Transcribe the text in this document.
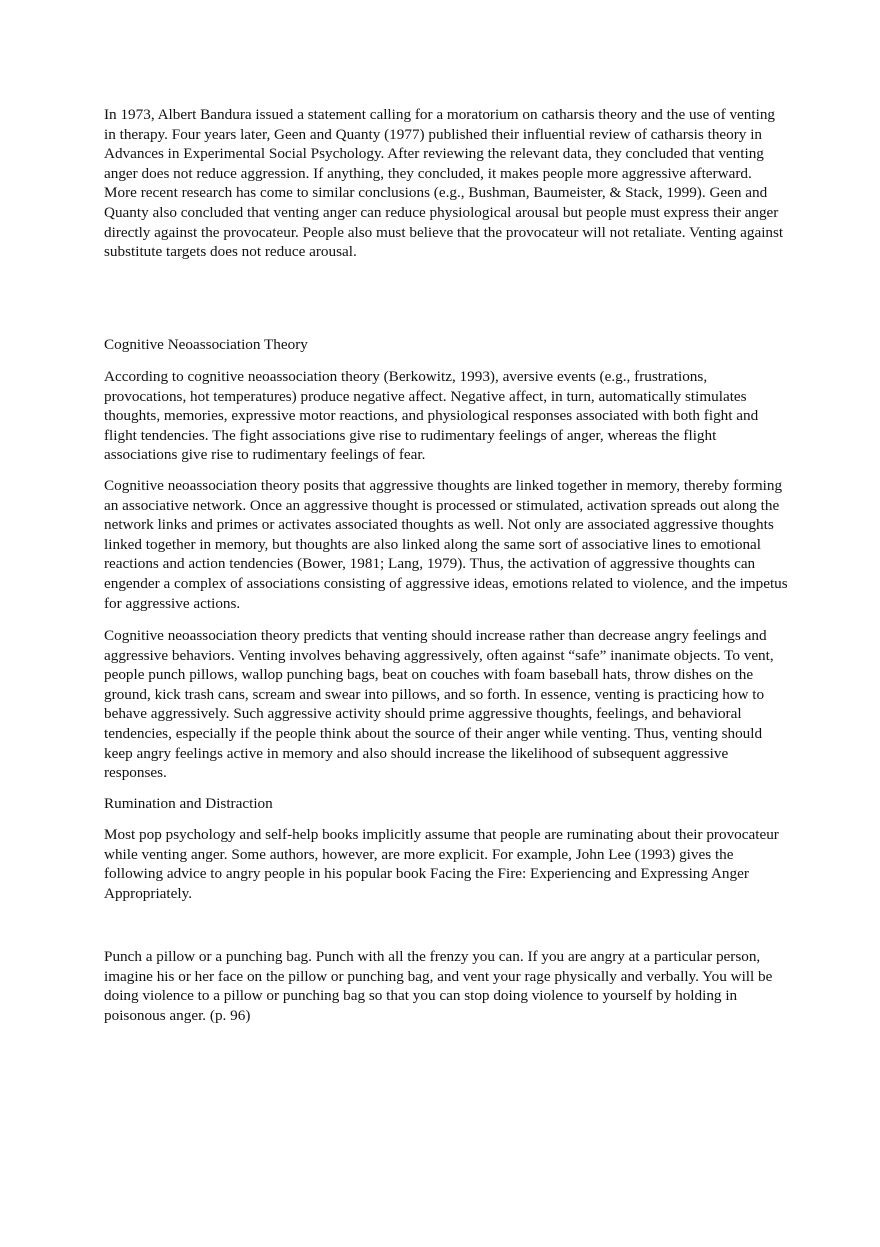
In 1973, Albert Bandura issued a statement calling for a moratorium on catharsis theory and the use of venting in therapy. Four years later, Geen and Quanty (1977) published their influential review of catharsis theory in Advances in Experimental Social Psychology. After reviewing the relevant data, they concluded that venting anger does not reduce aggression. If anything, they concluded, it makes people more aggressive afterward. More recent research has come to similar conclusions (e.g., Bushman, Baumeister, & Stack, 1999). Geen and Quanty also concluded that venting anger can reduce physiological arousal but people must express their anger directly against the provocateur. People also must believe that the provocateur will not retaliate. Venting against substitute targets does not reduce arousal.

Cognitive Neoassociation Theory

According to cognitive neoassociation theory (Berkowitz, 1993), aversive events (e.g., frustrations, provocations, hot temperatures) produce negative affect. Negative affect, in turn, automatically stimulates thoughts, memories, expressive motor reactions, and physiological responses associated with both fight and flight tendencies. The fight associations give rise to rudimentary feelings of anger, whereas the flight associations give rise to rudimentary feelings of fear.

Cognitive neoassociation theory posits that aggressive thoughts are linked together in memory, thereby forming an associative network. Once an aggressive thought is processed or stimulated, activation spreads out along the network links and primes or activates associated thoughts as well. Not only are associated aggressive thoughts linked together in memory, but thoughts are also linked along the same sort of associative lines to emotional reactions and action tendencies (Bower, 1981; Lang, 1979). Thus, the activation of aggressive thoughts can engender a complex of associations consisting of aggressive ideas, emotions related to violence, and the impetus for aggressive actions.

Cognitive neoassociation theory predicts that venting should increase rather than decrease angry feelings and aggressive behaviors. Venting involves behaving aggressively, often against “safe” inanimate objects. To vent, people punch pillows, wallop punching bags, beat on couches with foam baseball hats, throw dishes on the ground, kick trash cans, scream and swear into pillows, and so forth. In essence, venting is practicing how to behave aggressively. Such aggressive activity should prime aggressive thoughts, feelings, and behavioral tendencies, especially if the people think about the source of their anger while venting. Thus, venting should keep angry feelings active in memory and also should increase the likelihood of subsequent aggressive responses.

Rumination and Distraction

Most pop psychology and self-help books implicitly assume that people are ruminating about their provocateur while venting anger. Some authors, however, are more explicit. For example, John Lee (1993) gives the following advice to angry people in his popular book Facing the Fire: Experiencing and Expressing Anger Appropriately.

Punch a pillow or a punching bag. Punch with all the frenzy you can. If you are angry at a particular person, imagine his or her face on the pillow or punching bag, and vent your rage physically and verbally. You will be doing violence to a pillow or punching bag so that you can stop doing violence to yourself by holding in poisonous anger. (p. 96)
